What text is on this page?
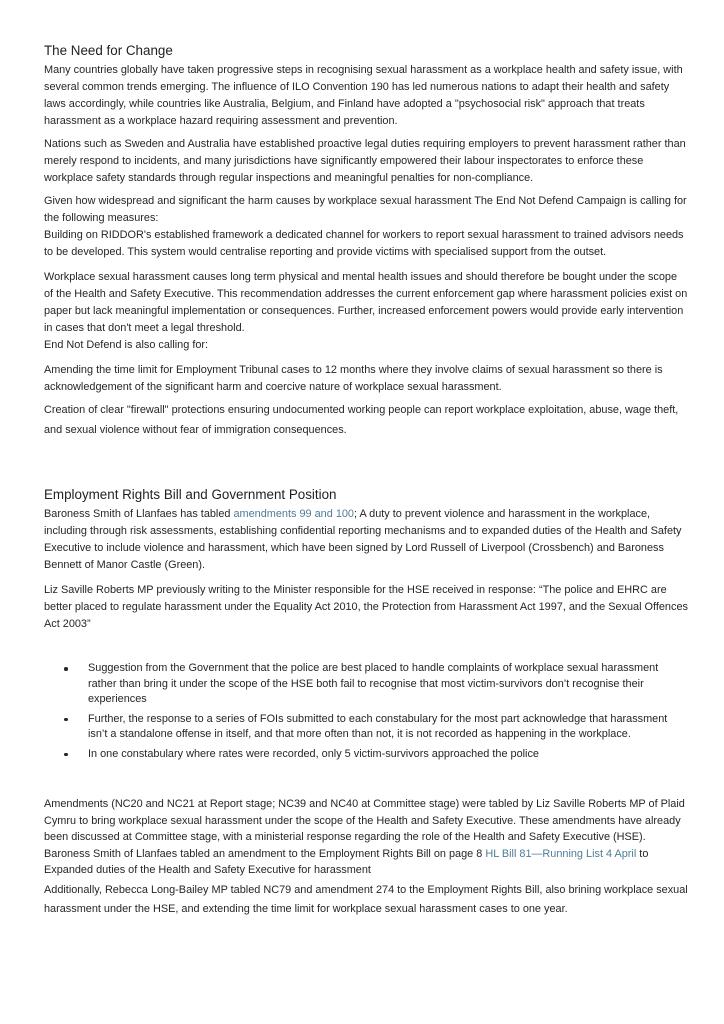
The Need for Change

Many countries globally have taken progressive steps in recognising sexual harassment as a workplace health and safety issue, with several common trends emerging. The influence of ILO Convention 190 has led numerous nations to adapt their health and safety laws accordingly, while countries like Australia, Belgium, and Finland have adopted a "psychosocial risk" approach that treats harassment as a workplace hazard requiring assessment and prevention.

Nations such as Sweden and Australia have established proactive legal duties requiring employers to prevent harassment rather than merely respond to incidents, and many jurisdictions have significantly empowered their labour inspectorates to enforce these workplace safety standards through regular inspections and meaningful penalties for non-compliance.

Given how widespread and significant the harm causes by workplace sexual harassment The End Not Defend Campaign is calling for the following measures:

Building on RIDDOR's established framework a dedicated channel for workers to report sexual harassment to trained advisors needs to be developed. This system would centralise reporting and provide victims with specialised support from the outset.

Workplace sexual harassment causes long term physical and mental health issues and should therefore be bought under the scope of the Health and Safety Executive. This recommendation addresses the current enforcement gap where harassment policies exist on paper but lack meaningful implementation or consequences. Further, increased enforcement powers would provide early intervention in cases that don't meet a legal threshold.

End Not Defend is also calling for:

Amending the time limit for Employment Tribunal cases to 12 months where they involve claims of sexual harassment so there is acknowledgement of the significant harm and coercive nature of workplace sexual harassment.

Creation of clear "firewall" protections ensuring undocumented working people can report workplace exploitation, abuse, wage theft, and sexual violence without fear of immigration consequences.

Employment Rights Bill and Government Position

Baroness Smith of Llanfaes has tabled amendments 99 and 100; A duty to prevent violence and harassment in the workplace, including through risk assessments, establishing confidential reporting mechanisms and to expanded duties of the Health and Safety Executive to include violence and harassment, which have been signed by Lord Russell of Liverpool (Crossbench) and Baroness Bennett of Manor Castle (Green).

Liz Saville Roberts MP previously writing to the Minister responsible for the HSE received in response: “The police and EHRC are better placed to regulate harassment under the Equality Act 2010, the Protection from Harassment Act 1997, and the Sexual Offences Act 2003”

Suggestion from the Government that the police are best placed to handle complaints of workplace sexual harassment rather than bring it under the scope of the HSE both fail to recognise that most victim-survivors don’t recognise their experiences
Further, the response to a series of FOIs submitted to each constabulary for the most part acknowledge that harassment isn’t a standalone offense in itself, and that more often than not, it is not recorded as happening in the workplace.
In one constabulary where rates were recorded, only 5 victim-survivors approached the police

Amendments (NC20 and NC21 at Report stage; NC39 and NC40 at Committee stage) were tabled by Liz Saville Roberts MP of Plaid Cymru to bring workplace sexual harassment under the scope of the Health and Safety Executive. These amendments have already been discussed at Committee stage, with a ministerial response regarding the role of the Health and Safety Executive (HSE).

Baroness Smith of Llanfaes tabled an amendment to the Employment Rights Bill on page 8 HL Bill 81—Running List 4 April to Expanded duties of the Health and Safety Executive for harassment

Additionally, Rebecca Long-Bailey MP tabled NC79 and amendment 274 to the Employment Rights Bill, also brining workplace sexual harassment under the HSE, and extending the time limit for workplace sexual harassment cases to one year.
